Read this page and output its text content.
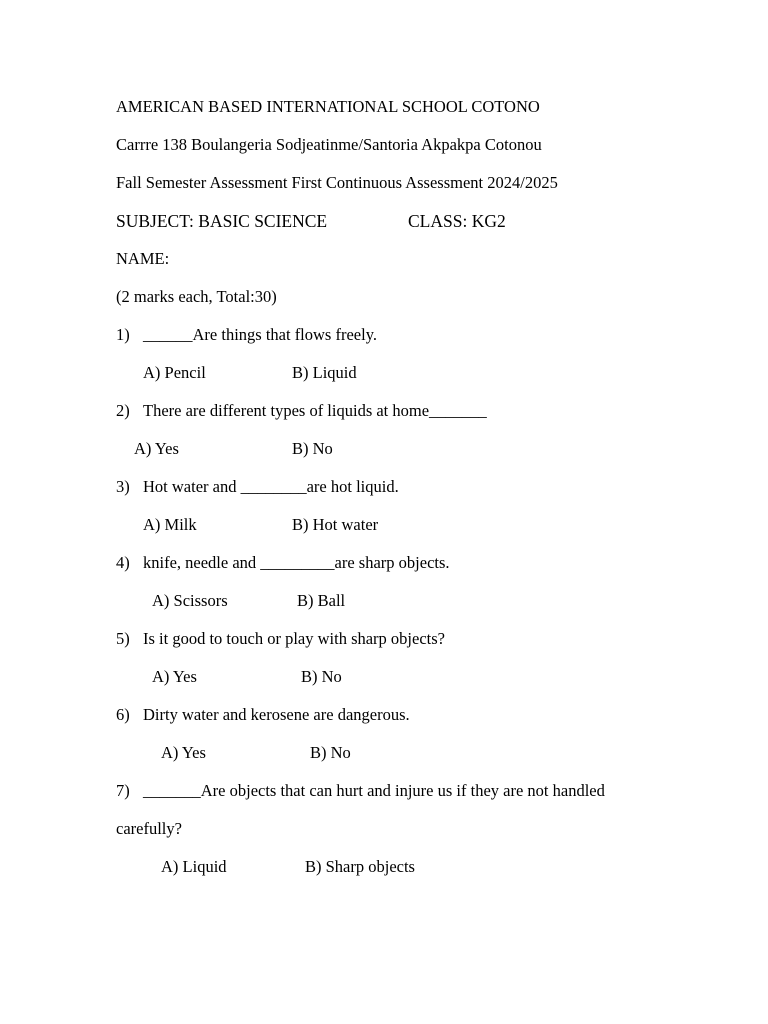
AMERICAN BASED INTERNATIONAL SCHOOL COTONO
Carrre 138 Boulangeria Sodjeatinme/Santoria Akpakpa Cotonou
Fall Semester Assessment First Continuous Assessment 2024/2025
SUBJECT: BASIC SCIENCE	CLASS: KG2
NAME:
(2 marks each, Total:30)
1) ______Are things that flows freely.
A) Pencil	B) Liquid
2) There are different types of liquids at home_______
A) Yes	B) No
3) Hot water and ________are hot liquid.
A) Milk	B) Hot water
4) knife, needle and _________are sharp objects.
A) Scissors	B) Ball
5) Is it good to touch or play with sharp objects?
A) Yes	B) No
6) Dirty water and kerosene are dangerous.
A) Yes	B) No
7) _______Are objects that can hurt and injure us if they are not handled
carefully?
A) Liquid	B) Sharp objects
